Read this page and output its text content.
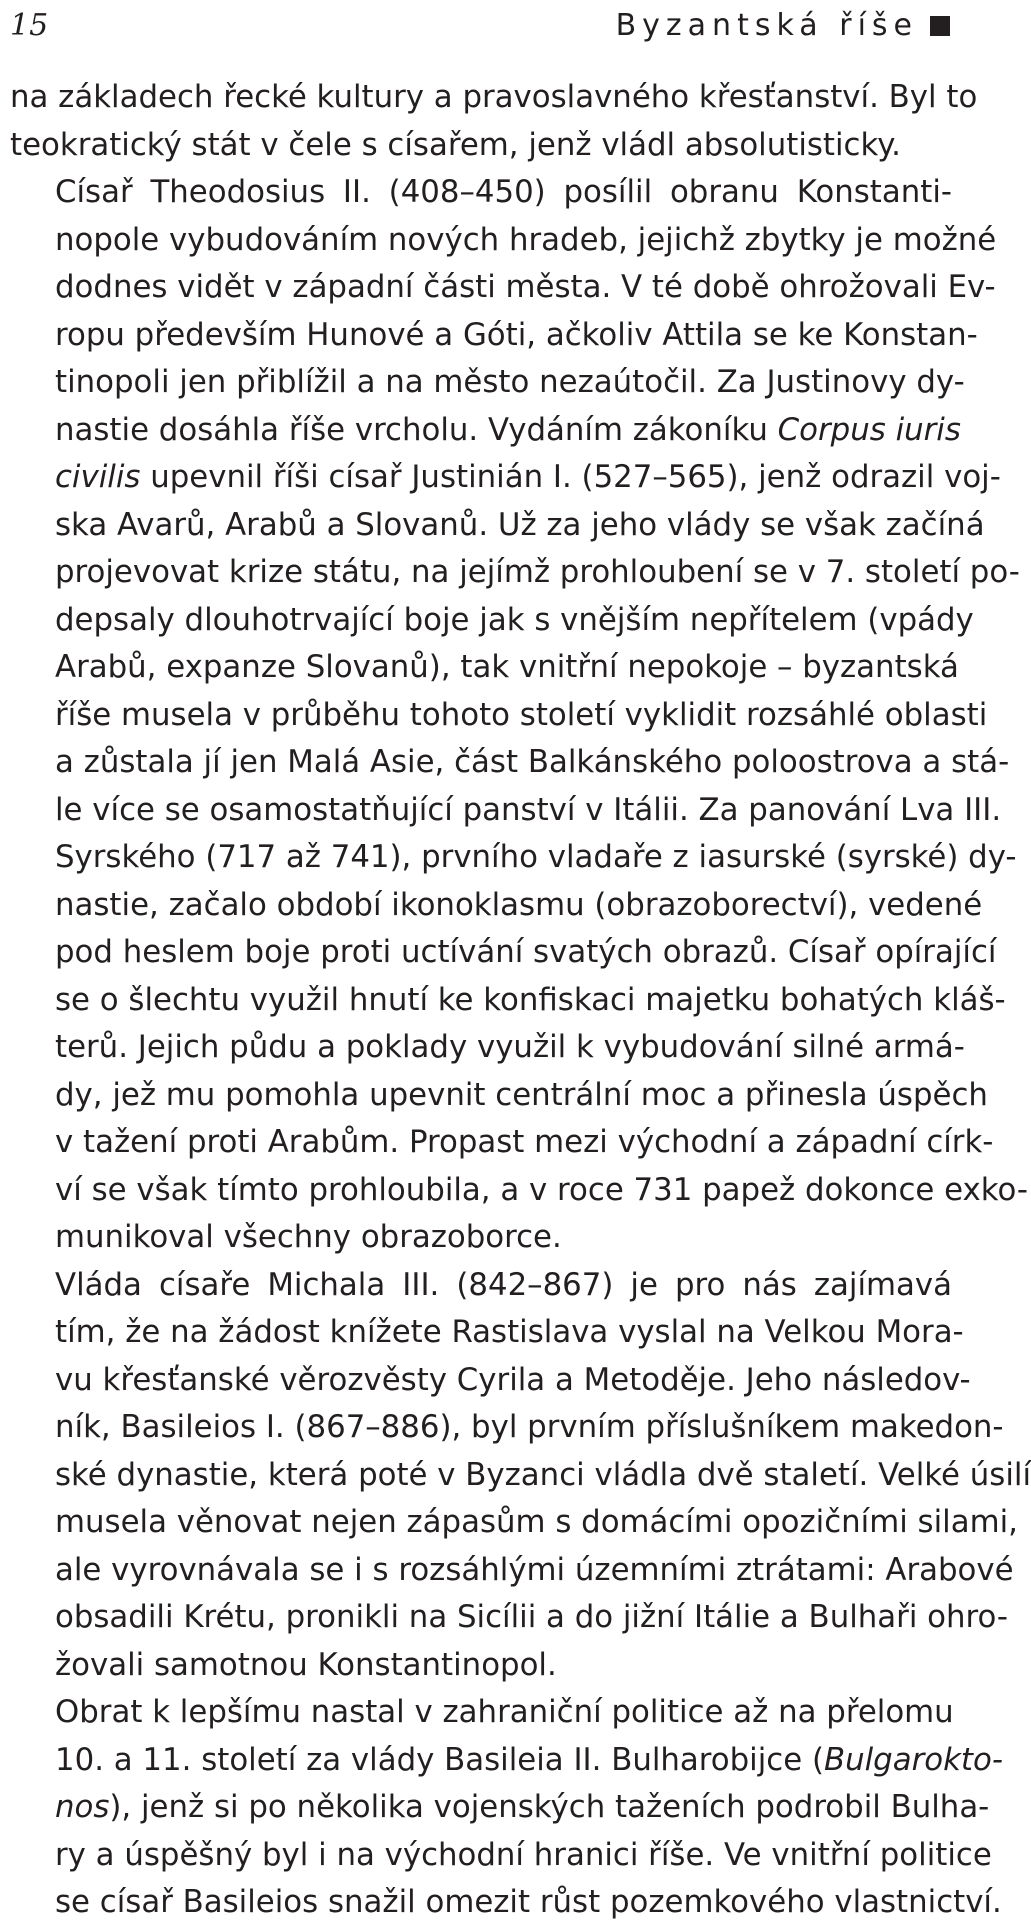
15	Byzantská říše

na základech řecké kultury a pravoslavného křesťanství. Byl to
teokratický stát v čele s císařem, jenž vládl absolutisticky.

Císař Theodosius II. (408–450) posílil obranu Konstanti-
nopole vybudováním nových hradeb, jejichž zbytky je možné
dodnes vidět v západní části města. V té době ohrožovali Ev-
ropu především Hunové a Góti, ačkoliv Attila se ke Konstan-
tinopoli jen přiblížil a na město nezaútočil. Za Justinovy dy-
nastie dosáhla říše vrcholu. Vydáním zákoníku Corpus iuris
civilis upevnil říši císař Justinián I. (527–565), jenž odrazil voj-
ska Avarů, Arabů a Slovanů. Už za jeho vlády se však začíná
projevovat krize státu, na jejímž prohloubení se v 7. století po-
depsaly dlouhotrvající boje jak s vnějším nepřítelem (vpády
Arabů, expanze Slovanů), tak vnitřní nepokoje – byzantská
říše musela v průběhu tohoto století vyklidit rozsáhlé oblasti
a zůstala jí jen Malá Asie, část Balkánského poloostrova a stá-
le více se osamostatňující panství v Itálii. Za panování Lva III.
Syrského (717 až 741), prvního vladaře z iasurské (syrské) dy-
nastie, začalo období ikonoklasmu (obrazoborectví), vedené
pod heslem boje proti uctívání svatých obrazů. Císař opírající
se o šlechtu využil hnutí ke konfiskaci majetku bohatých kláš-
terů. Jejich půdu a poklady využil k vybudování silné armá-
dy, jež mu pomohla upevnit centrální moc a přinesla úspěch
v tažení proti Arabům. Propast mezi východní a západní círk-
ví se však tímto prohloubila, a v roce 731 papež dokonce exko-
munikoval všechny obrazoborce.

Vláda císaře Michala III. (842–867) je pro nás zajímavá
tím, že na žádost knížete Rastislava vyslal na Velkou Mora-
vu křesťanské věrozvěsty Cyrila a Metoděje. Jeho následov-
ník, Basileios I. (867–886), byl prvním příslušníkem makedon-
ské dynastie, která poté v Byzanci vládla dvě staletí. Velké úsilí
musela věnovat nejen zápasům s domácími opozičními silami,
ale vyrovnávala se i s rozsáhlými územními ztrátami: Arabové
obsadili Krétu, pronikli na Sicílii a do jižní Itálie a Bulhaři ohro-
žovali samotnou Konstantinopol.

Obrat k lepšímu nastal v zahraniční politice až na přelomu
10. a 11. století za vlády Basileia II. Bulharobijce (Bulgarokto-
nos), jenž si po několika vojenských taženích podrobil Bulha-
ry a úspěšný byl i na východní hranici říše. Ve vnitřní politice
se císař Basileios snažil omezit růst pozemkového vlastnictví.
